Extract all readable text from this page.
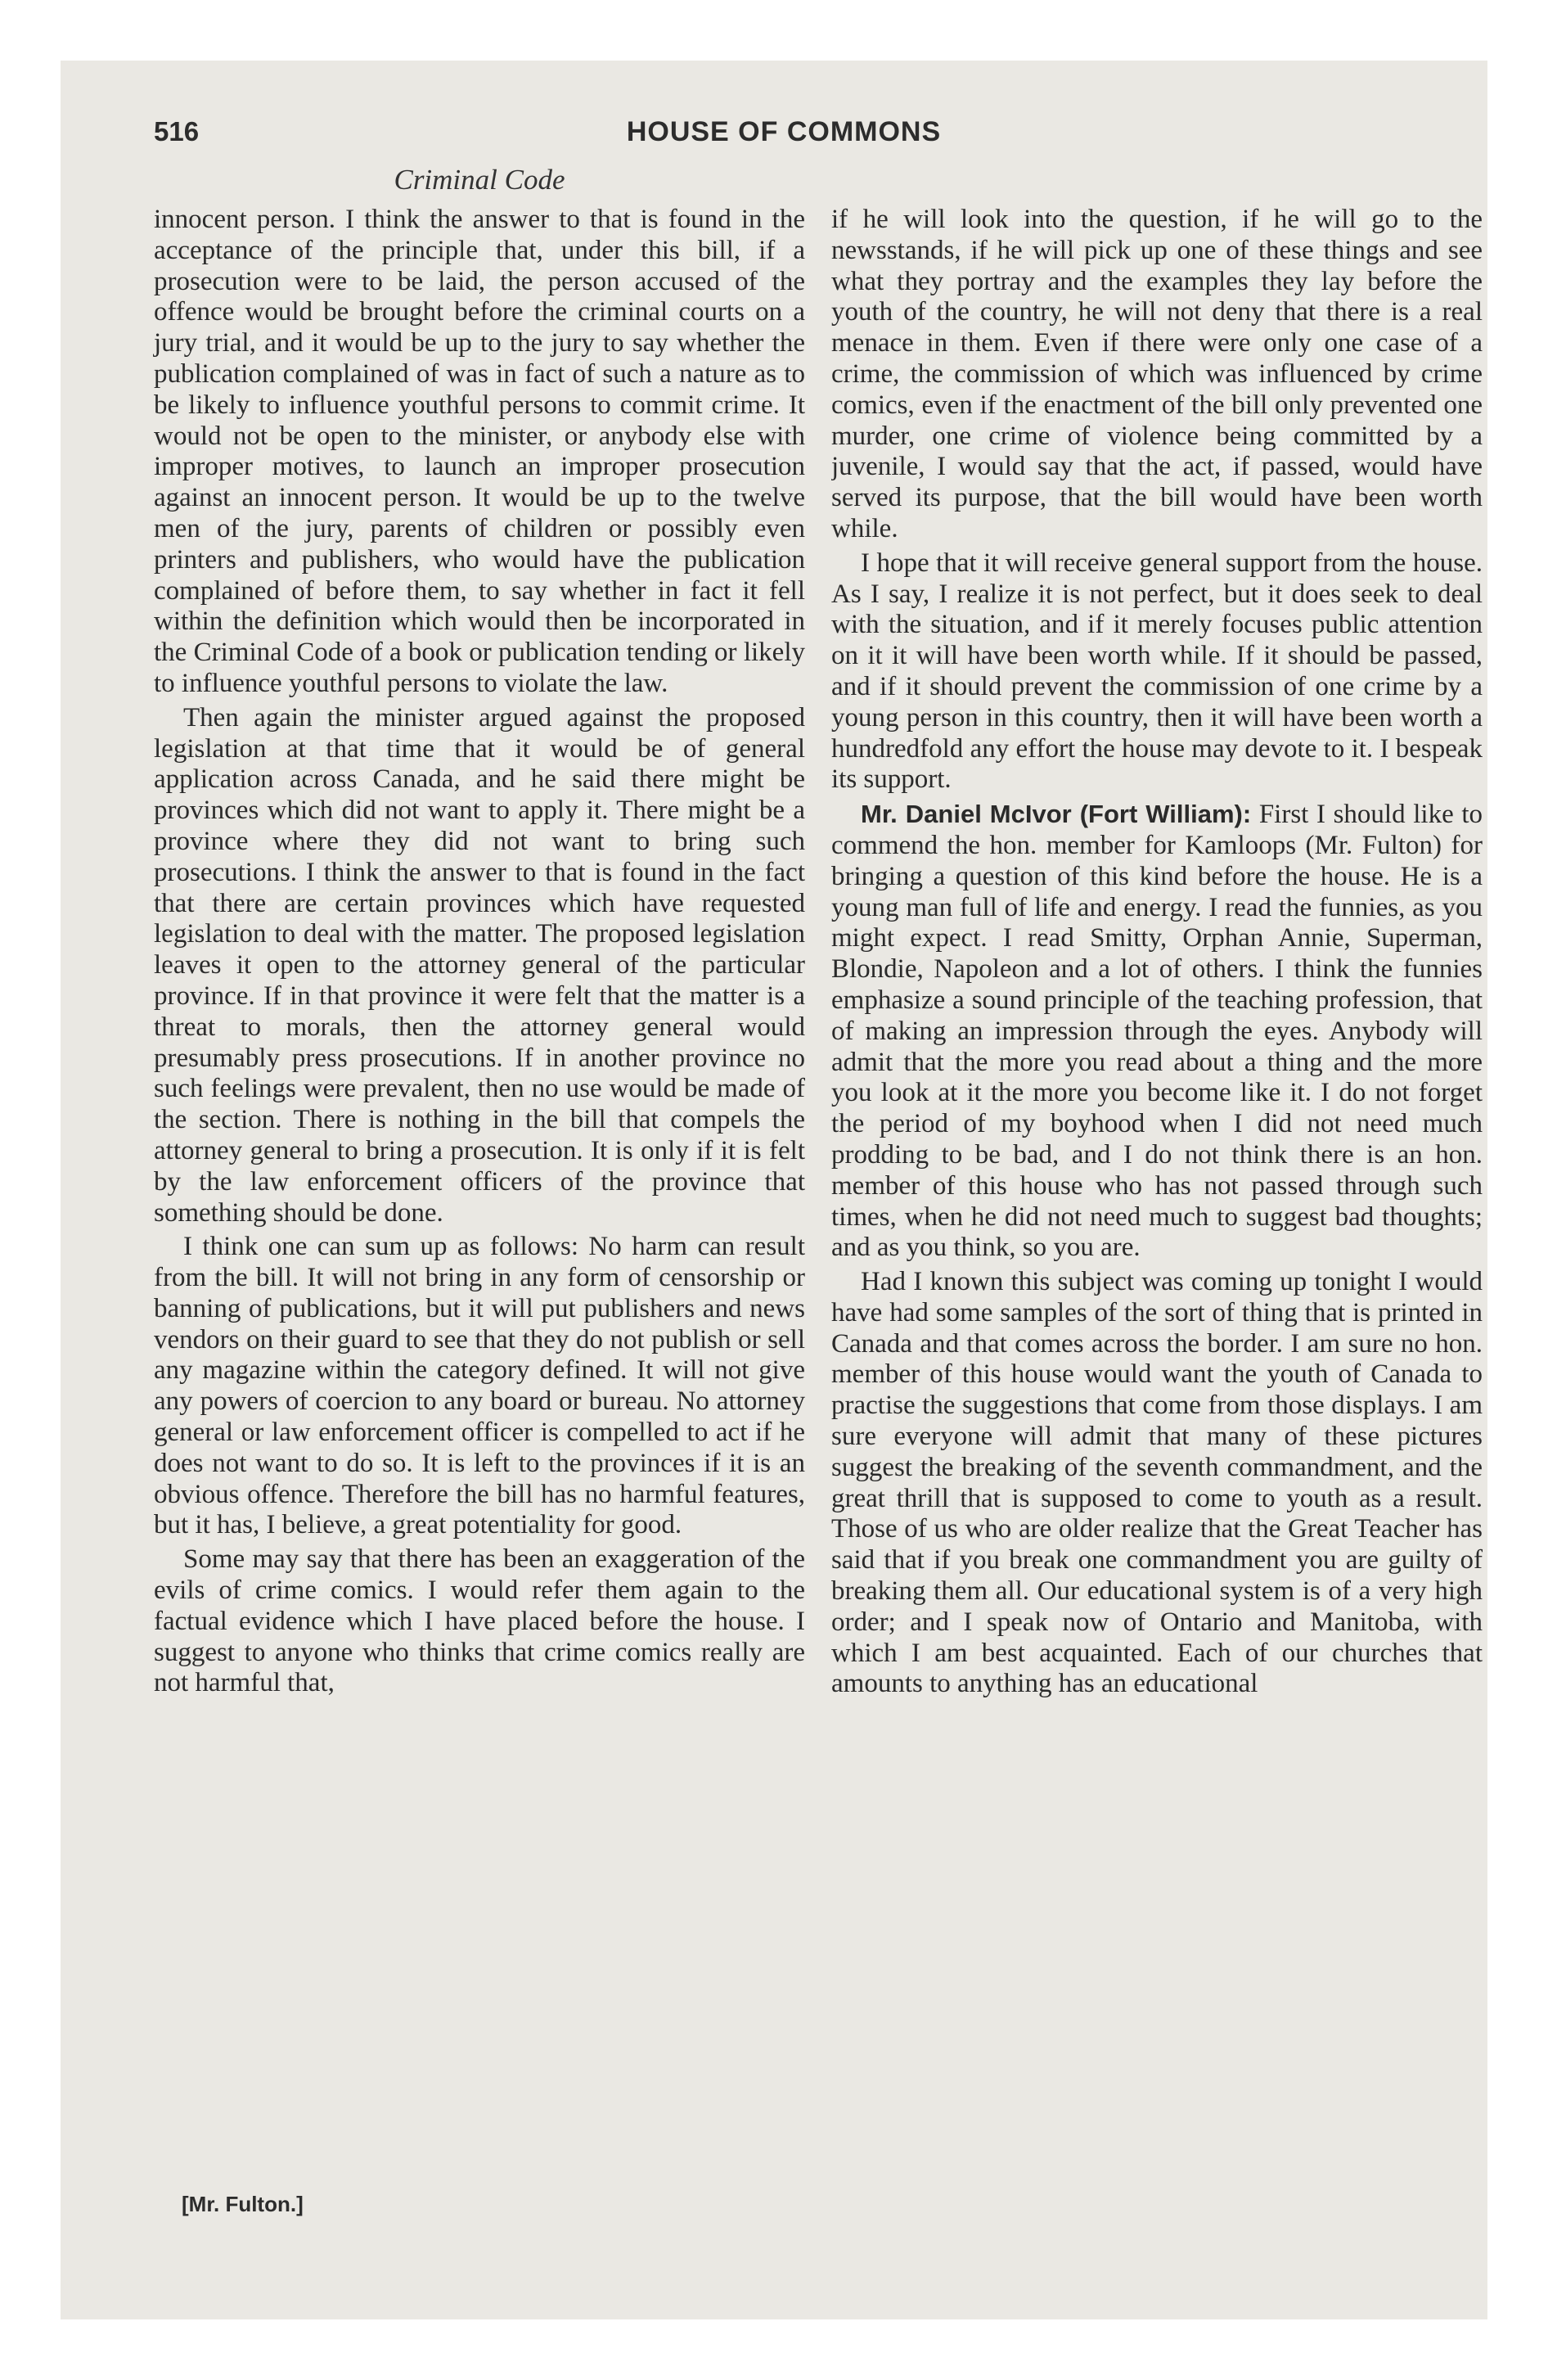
516	HOUSE OF COMMONS
Criminal Code

innocent person. I think the answer to that is found in the acceptance of the principle that, under this bill, if a prosecution were to be laid, the person accused of the offence would be brought before the criminal courts on a jury trial, and it would be up to the jury to say whether the publication complained of was in fact of such a nature as to be likely to influence youthful persons to commit crime. It would not be open to the minister, or anybody else with improper motives, to launch an improper prosecution against an innocent person. It would be up to the twelve men of the jury, parents of children or possibly even printers and publishers, who would have the publication complained of before them, to say whether in fact it fell within the definition which would then be incorporated in the Criminal Code of a book or publication tending or likely to influence youthful persons to violate the law.

Then again the minister argued against the proposed legislation at that time that it would be of general application across Canada, and he said there might be provinces which did not want to apply it. There might be a province where they did not want to bring such prosecutions. I think the answer to that is found in the fact that there are certain provinces which have requested legislation to deal with the matter. The proposed legislation leaves it open to the attorney general of the particular province. If in that province it were felt that the matter is a threat to morals, then the attorney general would presumably press prosecutions. If in another province no such feelings were prevalent, then no use would be made of the section. There is nothing in the bill that compels the attorney general to bring a prosecution. It is only if it is felt by the law enforcement officers of the province that something should be done.

I think one can sum up as follows: No harm can result from the bill. It will not bring in any form of censorship or banning of publications, but it will put publishers and news vendors on their guard to see that they do not publish or sell any magazine within the category defined. It will not give any powers of coercion to any board or bureau. No attorney general or law enforcement officer is compelled to act if he does not want to do so. It is left to the provinces if it is an obvious offence. Therefore the bill has no harmful features, but it has, I believe, a great potentiality for good.

Some may say that there has been an exaggeration of the evils of crime comics. I would refer them again to the factual evidence which I have placed before the house. I suggest to anyone who thinks that crime comics really are not harmful that,

if he will look into the question, if he will go to the newsstands, if he will pick up one of these things and see what they portray and the examples they lay before the youth of the country, he will not deny that there is a real menace in them. Even if there were only one case of a crime, the commission of which was influenced by crime comics, even if the enactment of the bill only prevented one murder, one crime of violence being committed by a juvenile, I would say that the act, if passed, would have served its purpose, that the bill would have been worth while.

I hope that it will receive general support from the house. As I say, I realize it is not perfect, but it does seek to deal with the situation, and if it merely focuses public attention on it it will have been worth while. If it should be passed, and if it should prevent the commission of one crime by a young person in this country, then it will have been worth a hundredfold any effort the house may devote to it. I bespeak its support.

Mr. Daniel McIvor (Fort William): First I should like to commend the hon. member for Kamloops (Mr. Fulton) for bringing a question of this kind before the house. He is a young man full of life and energy. I read the funnies, as you might expect. I read Smitty, Orphan Annie, Superman, Blondie, Napoleon and a lot of others. I think the funnies emphasize a sound principle of the teaching profession, that of making an impression through the eyes. Anybody will admit that the more you read about a thing and the more you look at it the more you become like it. I do not forget the period of my boyhood when I did not need much prodding to be bad, and I do not think there is an hon. member of this house who has not passed through such times, when he did not need much to suggest bad thoughts; and as you think, so you are.

Had I known this subject was coming up tonight I would have had some samples of the sort of thing that is printed in Canada and that comes across the border. I am sure no hon. member of this house would want the youth of Canada to practise the suggestions that come from those displays. I am sure everyone will admit that many of these pictures suggest the breaking of the seventh commandment, and the great thrill that is supposed to come to youth as a result. Those of us who are older realize that the Great Teacher has said that if you break one commandment you are guilty of breaking them all. Our educational system is of a very high order; and I speak now of Ontario and Manitoba, with which I am best acquainted. Each of our churches that amounts to anything has an educational

[Mr. Fulton.]
